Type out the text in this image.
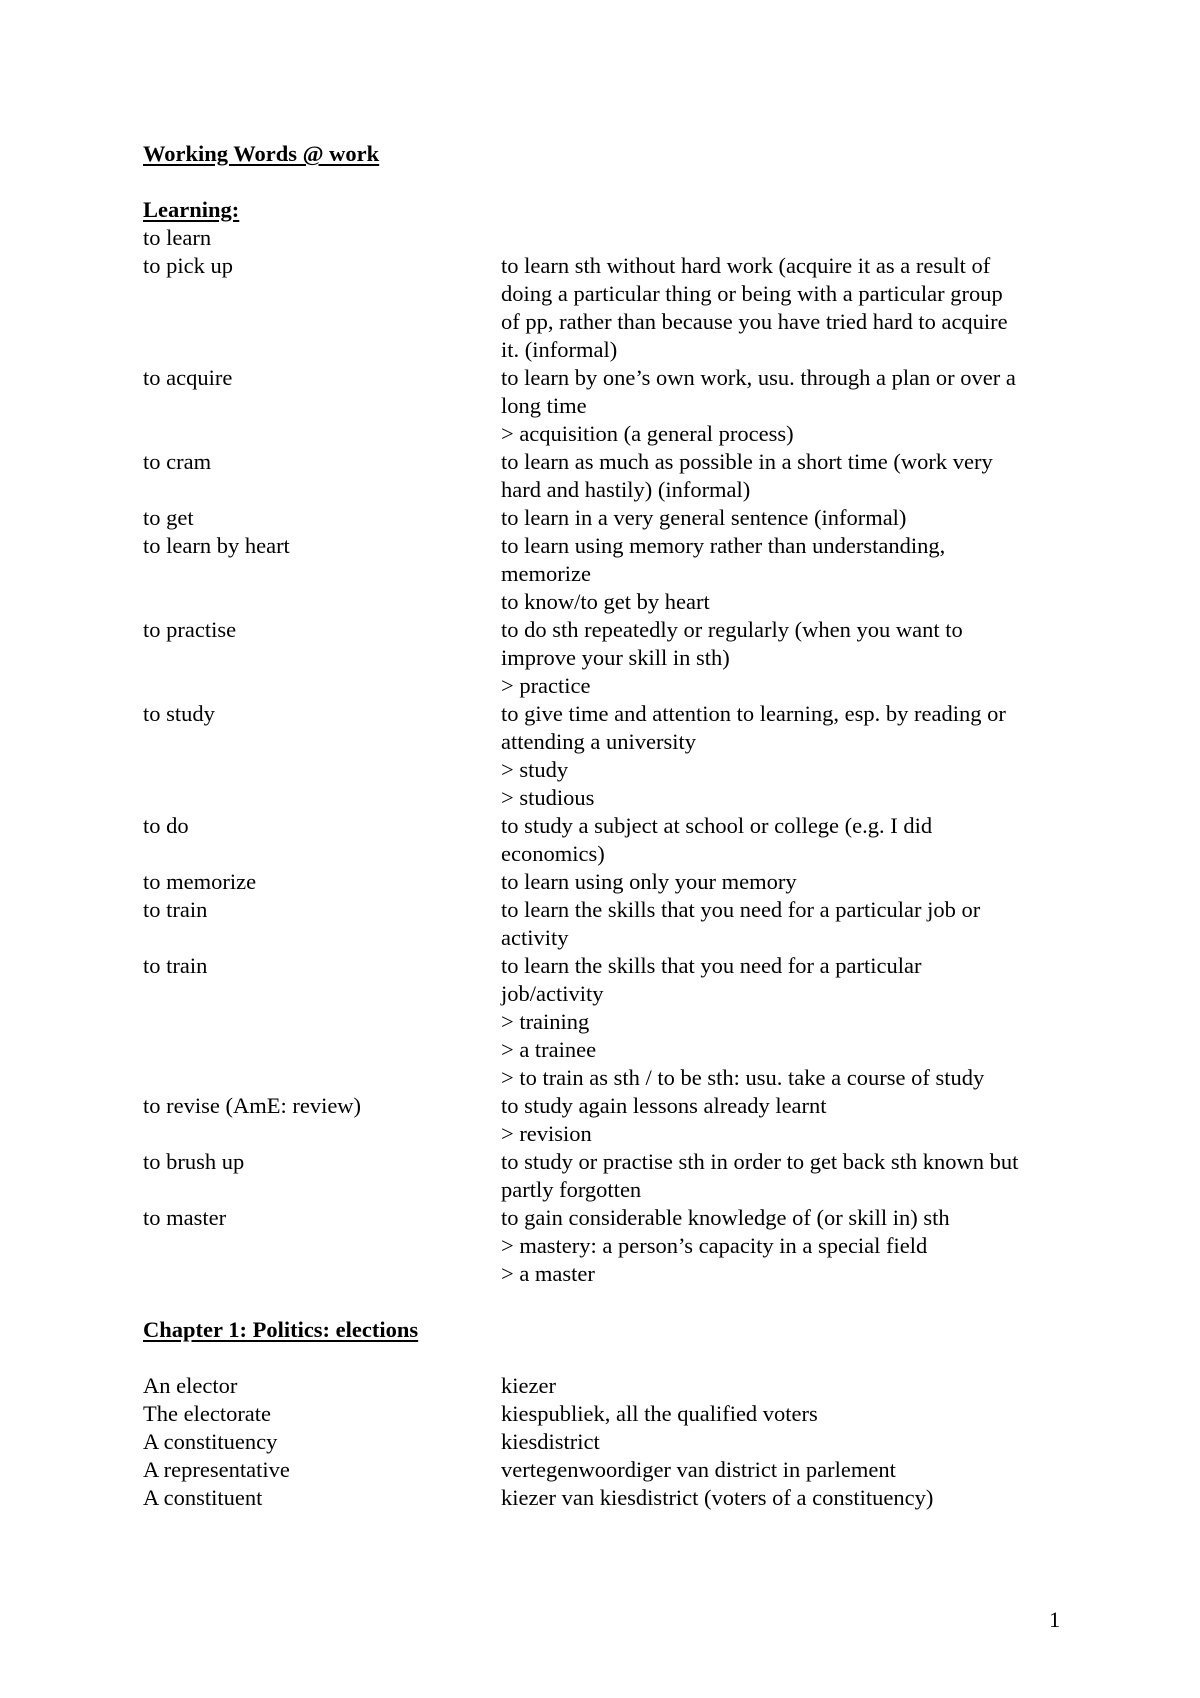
Working Words @ work
Learning:
to learn
to pick up	to learn sth without hard work (acquire it as a result of
doing a particular thing or being with a particular group
of pp, rather than because you have tried hard to acquire
it. (informal)
to acquire	to learn by one’s own work, usu. through a plan or over a
long time
> acquisition (a general process)
to cram	to learn as much as possible in a short time (work very
hard and hastily) (informal)
to get	to learn in a very general sentence (informal)
to learn by heart	to learn using memory rather than understanding,
memorize
to know/to get by heart
to practise	to do sth repeatedly or regularly (when you want to
improve your skill in sth)
> practice
to study	to give time and attention to learning, esp. by reading or
attending a university
> study
> studious
to do	to study a subject at school or college (e.g. I did
economics)
to memorize	to learn using only your memory
to train	to learn the skills that you need for a particular job or
activity
to train	to learn the skills that you need for a particular
job/activity
> training
> a trainee
> to train as sth / to be sth: usu. take a course of study
to revise (AmE: review)	to study again lessons already learnt
> revision
to brush up	to study or practise sth in order to get back sth known but
partly forgotten
to master	to gain considerable knowledge of (or skill in) sth
> mastery: a person’s capacity in a special field
> a master
Chapter 1: Politics: elections
An elector	kiezer
The electorate	kiespubliek, all the qualified voters
A constituency	kiesdistrict
A representative	vertegenwoordiger van district in parlement
A constituent	kiezer van kiesdistrict (voters of a constituency)
1
